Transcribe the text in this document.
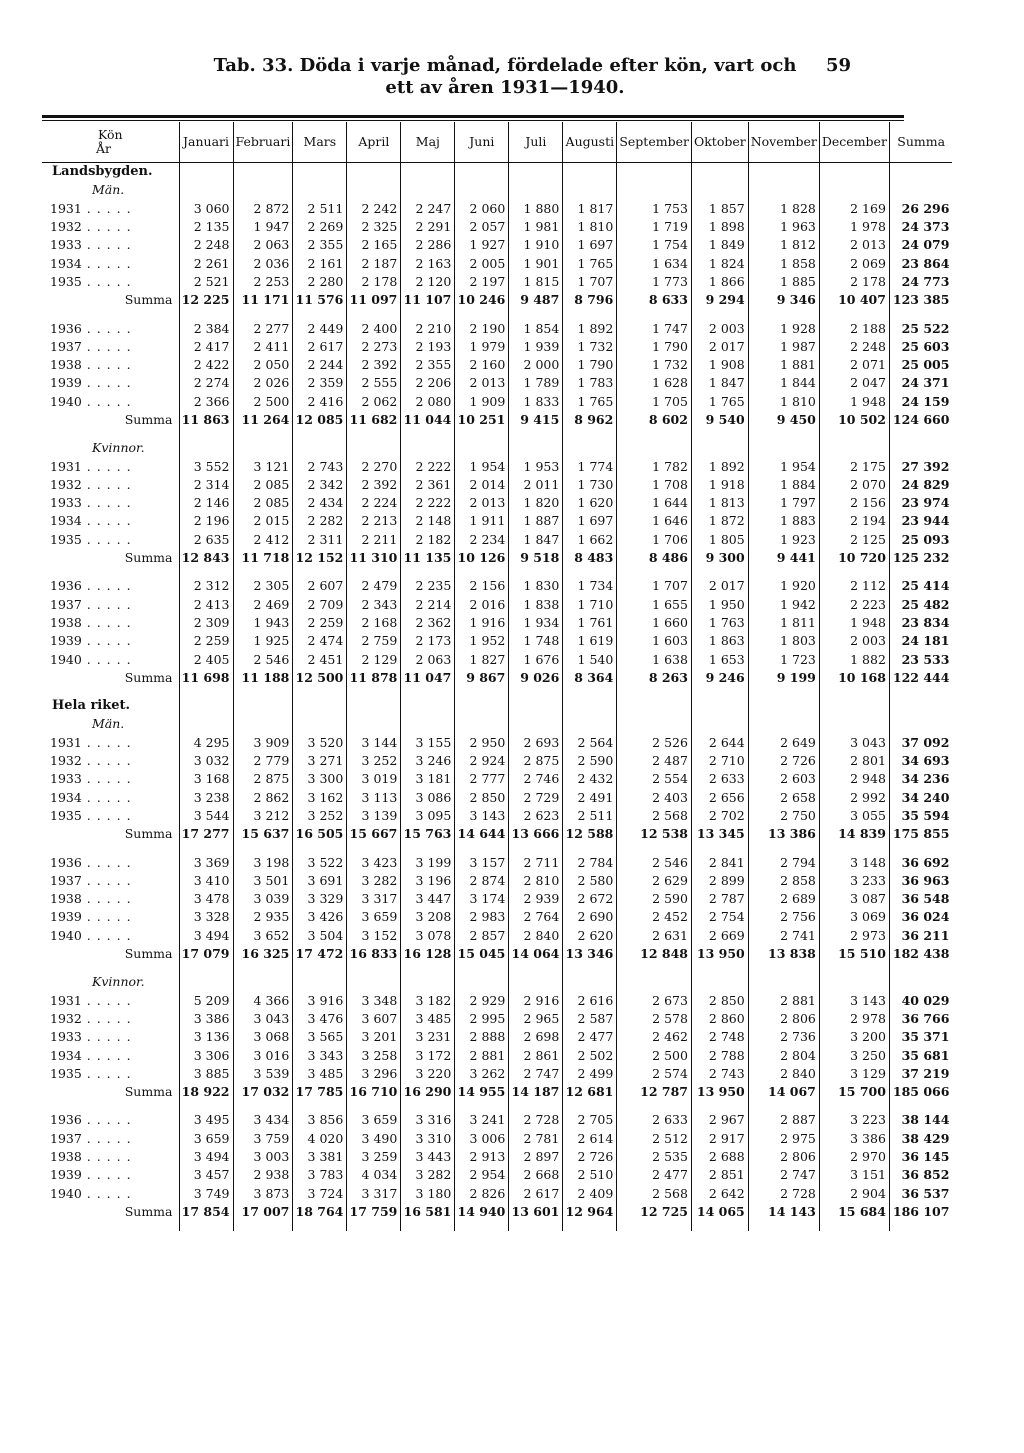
Tab. 33. Döda i varje månad, fördelade efter kön, vart och
ett av åren 1931—1940.
59
Kön
År	Januari	Februari	Mars	April	Maj	Juni	Juli	Augusti	September	Oktober	November	December	Summa
Landsbygden.													
Män.													
1931 . . .	3 060	2 872	2 511	2 242	2 247	2 060	1 880	1 817	1 753	1 857	1 828	2 169	26 296
1932 . . .	2 135	1 947	2 269	2 325	2 291	2 057	1 981	1 810	1 719	1 898	1 963	1 978	24 373
1933 . . .	2 248	2 063	2 355	2 165	2 286	1 927	1 910	1 697	1 754	1 849	1 812	2 013	24 079
1934 . . .	2 261	2 036	2 161	2 187	2 163	2 005	1 901	1 765	1 634	1 824	1 858	2 069	23 864
1935 . . .	2 521	2 253	2 280	2 178	2 120	2 197	1 815	1 707	1 773	1 866	1 885	2 178	24 773
Summa	12 225	11 171	11 576	11 097	11 107	10 246	9 487	8 796	8 633	9 294	9 346	10 407	123 385

1936 . . .	2 384	2 277	2 449	2 400	2 210	2 190	1 854	1 892	1 747	2 003	1 928	2 188	25 522
1937 . . .	2 417	2 411	2 617	2 273	2 193	1 979	1 939	1 732	1 790	2 017	1 987	2 248	25 603
1938 . . .	2 422	2 050	2 244	2 392	2 355	2 160	2 000	1 790	1 732	1 908	1 881	2 071	25 005
1939 . . .	2 274	2 026	2 359	2 555	2 206	2 013	1 789	1 783	1 628	1 847	1 844	2 047	24 371
1940 . . .	2 366	2 500	2 416	2 062	2 080	1 909	1 833	1 765	1 705	1 765	1 810	1 948	24 159
Summa	11 863	11 264	12 085	11 682	11 044	10 251	9 415	8 962	8 602	9 540	9 450	10 502	124 660

Kvinnor.													
1931 . . .	3 552	3 121	2 743	2 270	2 222	1 954	1 953	1 774	1 782	1 892	1 954	2 175	27 392
1932 . . .	2 314	2 085	2 342	2 392	2 361	2 014	2 011	1 730	1 708	1 918	1 884	2 070	24 829
1933 . . .	2 146	2 085	2 434	2 224	2 222	2 013	1 820	1 620	1 644	1 813	1 797	2 156	23 974
1934 . . .	2 196	2 015	2 282	2 213	2 148	1 911	1 887	1 697	1 646	1 872	1 883	2 194	23 944
1935 . . .	2 635	2 412	2 311	2 211	2 182	2 234	1 847	1 662	1 706	1 805	1 923	2 125	25 093
Summa	12 843	11 718	12 152	11 310	11 135	10 126	9 518	8 483	8 486	9 300	9 441	10 720	125 232

1936 . . .	2 312	2 305	2 607	2 479	2 235	2 156	1 830	1 734	1 707	2 017	1 920	2 112	25 414
1937 . . .	2 413	2 469	2 709	2 343	2 214	2 016	1 838	1 710	1 655	1 950	1 942	2 223	25 482
1938 . . .	2 309	1 943	2 259	2 168	2 362	1 916	1 934	1 761	1 660	1 763	1 811	1 948	23 834
1939 . . .	2 259	1 925	2 474	2 759	2 173	1 952	1 748	1 619	1 603	1 863	1 803	2 003	24 181
1940 . . .	2 405	2 546	2 451	2 129	2 063	1 827	1 676	1 540	1 638	1 653	1 723	1 882	23 533
Summa	11 698	11 188	12 500	11 878	11 047	9 867	9 026	8 364	8 263	9 246	9 199	10 168	122 444

Hela riket.													
Män.													
1931 . . .	4 295	3 909	3 520	3 144	3 155	2 950	2 693	2 564	2 526	2 644	2 649	3 043	37 092
1932 . . .	3 032	2 779	3 271	3 252	3 246	2 924	2 875	2 590	2 487	2 710	2 726	2 801	34 693
1933 . . .	3 168	2 875	3 300	3 019	3 181	2 777	2 746	2 432	2 554	2 633	2 603	2 948	34 236
1934 . . .	3 238	2 862	3 162	3 113	3 086	2 850	2 729	2 491	2 403	2 656	2 658	2 992	34 240
1935 . . .	3 544	3 212	3 252	3 139	3 095	3 143	2 623	2 511	2 568	2 702	2 750	3 055	35 594
Summa	17 277	15 637	16 505	15 667	15 763	14 644	13 666	12 588	12 538	13 345	13 386	14 839	175 855

1936 . . .	3 369	3 198	3 522	3 423	3 199	3 157	2 711	2 784	2 546	2 841	2 794	3 148	36 692
1937 . . .	3 410	3 501	3 691	3 282	3 196	2 874	2 810	2 580	2 629	2 899	2 858	3 233	36 963
1938 . . .	3 478	3 039	3 329	3 317	3 447	3 174	2 939	2 672	2 590	2 787	2 689	3 087	36 548
1939 . . .	3 328	2 935	3 426	3 659	3 208	2 983	2 764	2 690	2 452	2 754	2 756	3 069	36 024
1940 . . .	3 494	3 652	3 504	3 152	3 078	2 857	2 840	2 620	2 631	2 669	2 741	2 973	36 211
Summa	17 079	16 325	17 472	16 833	16 128	15 045	14 064	13 346	12 848	13 950	13 838	15 510	182 438

Kvinnor.													
1931 . . .	5 209	4 366	3 916	3 348	3 182	2 929	2 916	2 616	2 673	2 850	2 881	3 143	40 029
1932 . . .	3 386	3 043	3 476	3 607	3 485	2 995	2 965	2 587	2 578	2 860	2 806	2 978	36 766
1933 . . .	3 136	3 068	3 565	3 201	3 231	2 888	2 698	2 477	2 462	2 748	2 736	3 200	35 371
1934 . . .	3 306	3 016	3 343	3 258	3 172	2 881	2 861	2 502	2 500	2 788	2 804	3 250	35 681
1935 . . .	3 885	3 539	3 485	3 296	3 220	3 262	2 747	2 499	2 574	2 743	2 840	3 129	37 219
Summa	18 922	17 032	17 785	16 710	16 290	14 955	14 187	12 681	12 787	13 950	14 067	15 700	185 066

1936 . . .	3 495	3 434	3 856	3 659	3 316	3 241	2 728	2 705	2 633	2 967	2 887	3 223	38 144
1937 . . .	3 659	3 759	4 020	3 490	3 310	3 006	2 781	2 614	2 512	2 917	2 975	3 386	38 429
1938 . . .	3 494	3 003	3 381	3 259	3 443	2 913	2 897	2 726	2 535	2 688	2 806	2 970	36 145
1939 . . .	3 457	2 938	3 783	4 034	3 282	2 954	2 668	2 510	2 477	2 851	2 747	3 151	36 852
1940 . . .	3 749	3 873	3 724	3 317	3 180	2 826	2 617	2 409	2 568	2 642	2 728	2 904	36 537
Summa	17 854	17 007	18 764	17 759	16 581	14 940	13 601	12 964	12 725	14 065	14 143	15 684	186 107
